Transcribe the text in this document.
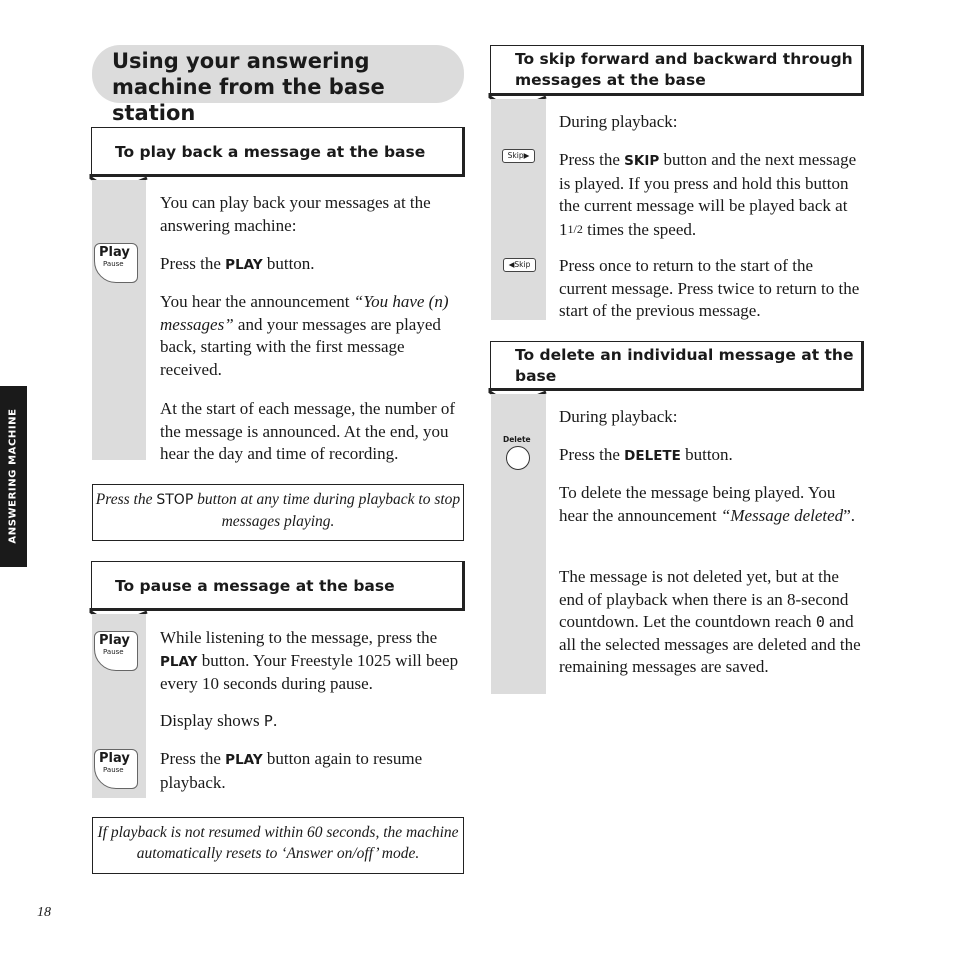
Using your answering machine from the base station
ANSWERING MACHINE
To play back a message at the base
You can play back your messages at the answering machine:
Play
Pause Press the PLAY button.
You hear the announcement “You have (n) messages” and your messages are played back, starting with the first message received.
At the start of each message, the number of the message is announced. At the end, you hear the day and time of recording.
Press the STOP button at any time during playback to stop messages playing.
To pause a message at the base
Play
Pause
While listening to the message, press the PLAY button. Your Freestyle 1025 will beep every 10 seconds during pause.
Display shows P.
Play
Pause
Press the PLAY button again to resume playback.
If playback is not resumed within 60 seconds, the machine automatically resets to ‘Answer on/off’ mode.
To skip forward and backward through messages at the base
During playback:
Skip▶	Press the SKIP button and the next message is played. If you press and hold this button the current message will be played back at 11/2 times the speed.
◀Skip	Press once to return to the start of the current message. Press twice to return to the start of the previous message.
To delete an individual message at the base
During playback:
Delete
Press the DELETE button.
To delete the message being played. You hear the announcement “Message deleted”.
The message is not deleted yet, but at the end of playback when there is an 8-second countdown. Let the countdown reach 0 and all the selected messages are deleted and the remaining messages are saved.
18
